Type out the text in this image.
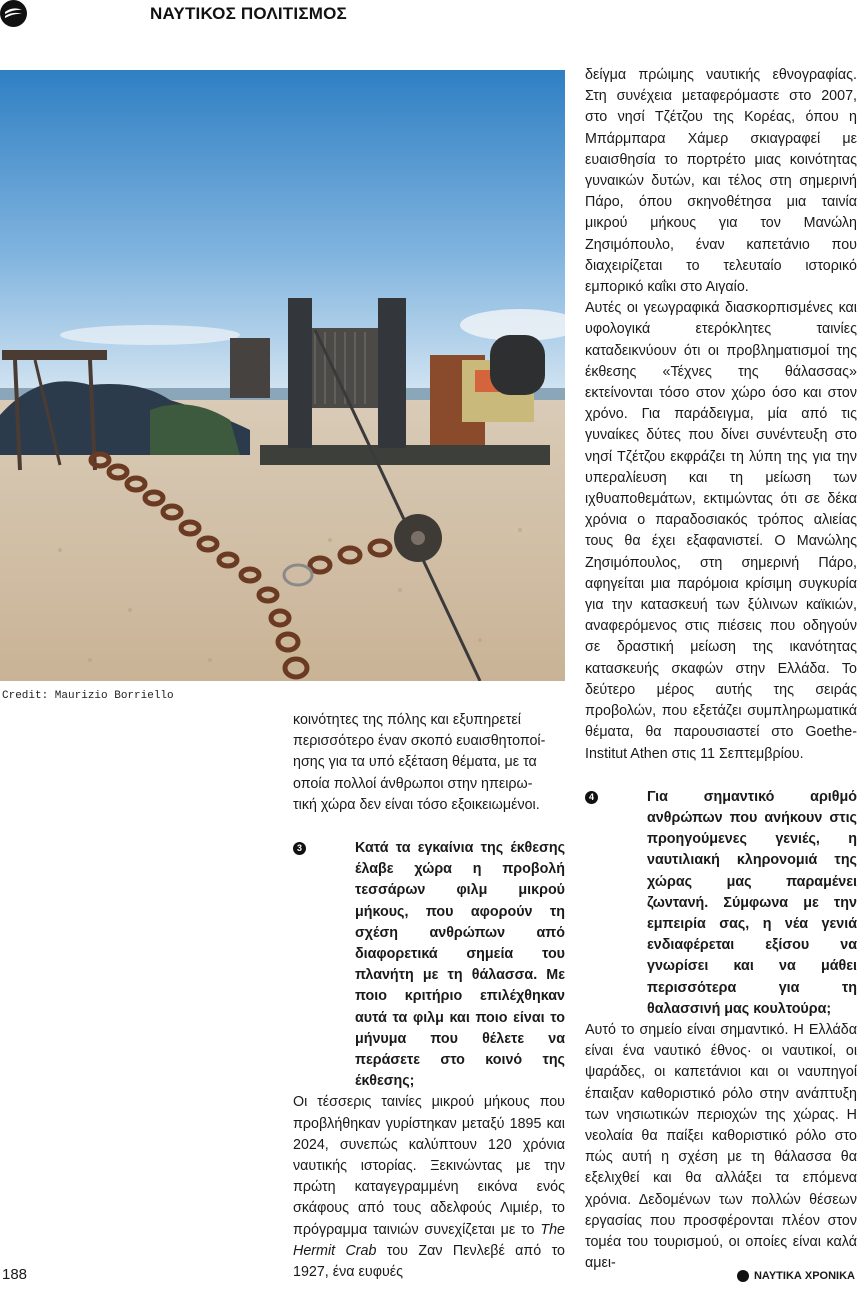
ΝΑΥΤΙΚΟΣ ΠΟΛΙΤΙΣΜΟΣ
Credit: Maurizio Borriello

κοινότητες της πόλης και εξυπηρετεί

περισσότερο έναν σκοπό ευαισθητοποί-

ησης για τα υπό εξέταση θέματα, με τα

οποία πολλοί άνθρωποι στην ηπειρω-

τική χώρα δεν είναι τόσο εξοικειωμένοι.

3	Κατά τα εγκαίνια της έκθεσης έλαβε χώρα η προβολή τεσσάρων φιλμ μικρού μήκους, που αφορούν τη σχέση ανθρώπων από διαφορετικά σημεία του πλανήτη με τη θάλασσα. Με ποιο κριτήριο επιλέχθηκαν αυτά τα φιλμ και ποιο είναι το μήνυμα που θέλετε να περάσετε στο κοινό της έκθεσης;

Οι τέσσερις ταινίες μικρού μήκους που προβλήθηκαν γυρίστηκαν μεταξύ 1895 και 2024, συνεπώς καλύπτουν 120 χρόνια ναυτικής ιστορίας. Ξεκινώντας με την πρώτη καταγεγραμμένη εικόνα ενός σκάφους από τους αδελφούς Λιμιέρ, το πρόγραμμα ταινιών συνεχίζεται με το The Hermit Crab του Ζαν Πενλεβέ από το 1927, ένα ευφυές

δείγμα πρώιμης ναυτικής εθνογραφίας. Στη συνέχεια μεταφερόμαστε στο 2007, στο νησί Τζέτζου της Κορέας, όπου η Μπάρμπαρα Χάμερ σκιαγραφεί με ευαισθησία το πορτρέτο μιας κοινότητας γυναικών δυτών, και τέλος στη σημερινή Πάρο, όπου σκηνοθέτησα μια ταινία μικρού μήκους για τον Μανώλη Ζησιμόπουλο, έναν καπετάνιο που διαχειρίζεται το τελευταίο ιστορικό εμπορικό καΐκι στο Αιγαίο.

Αυτές οι γεωγραφικά διασκορπισμένες και υφολογικά ετερόκλητες ταινίες καταδεικνύουν ότι οι προβληματισμοί της έκθεσης «Τέχνες της θάλασσας» εκτείνονται τόσο στον χώρο όσο και στον χρόνο. Για παράδειγμα, μία από τις γυναίκες δύτες που δίνει συνέντευξη στο νησί Τζέτζου εκφράζει τη λύπη της για την υπεραλίευση και τη μείωση των ιχθυαποθεμάτων, εκτιμώντας ότι σε δέκα χρόνια ο παραδοσιακός τρόπος αλιείας τους θα έχει εξαφανιστεί. Ο Μανώλης Ζησιμόπουλος, στη σημερινή Πάρο, αφηγείται μια παρόμοια κρίσιμη συγκυρία για την κατασκευή των ξύλινων καϊκιών, αναφερόμενος στις πιέσεις που οδηγούν σε δραστική μείωση της ικανότητας κατασκευής σκαφών στην Ελλάδα. Το δεύτερο μέρος αυτής της σειράς προβολών, που εξετάζει συμπληρωματικά θέματα, θα παρουσιαστεί στο Goethe-Institut Athen στις 11 Σεπτεμβρίου.

4	Για σημαντικό αριθμό ανθρώπων που ανήκουν στις προηγούμενες γενιές, η ναυτιλιακή κληρονομιά της χώρας μας παραμένει ζωντανή. Σύμφωνα με την εμπειρία σας, η νέα γενιά ενδιαφέρεται εξίσου να γνωρίσει και να μάθει περισσότερα για τη θαλασσινή μας κουλτούρα;

Αυτό το σημείο είναι σημαντικό. Η Ελλάδα είναι ένα ναυτικό έθνος· οι ναυτικοί, οι ψαράδες, οι καπετάνιοι και οι ναυπηγοί έπαιξαν καθοριστικό ρόλο στην ανάπτυξη των νησιωτικών περιοχών της χώρας. Η νεολαία θα παίξει καθοριστικό ρόλο στο πώς αυτή η σχέση με τη θάλασσα θα εξελιχθεί και θα αλλάξει τα επόμενα χρόνια. Δεδομένων των πολλών θέσεων εργασίας που προσφέρονται πλέον στον τομέα του τουρισμού, οι οποίες είναι καλά αμει-

188	ΝΑΥΤΙΚΑ ΧΡΟΝΙΚΑ
